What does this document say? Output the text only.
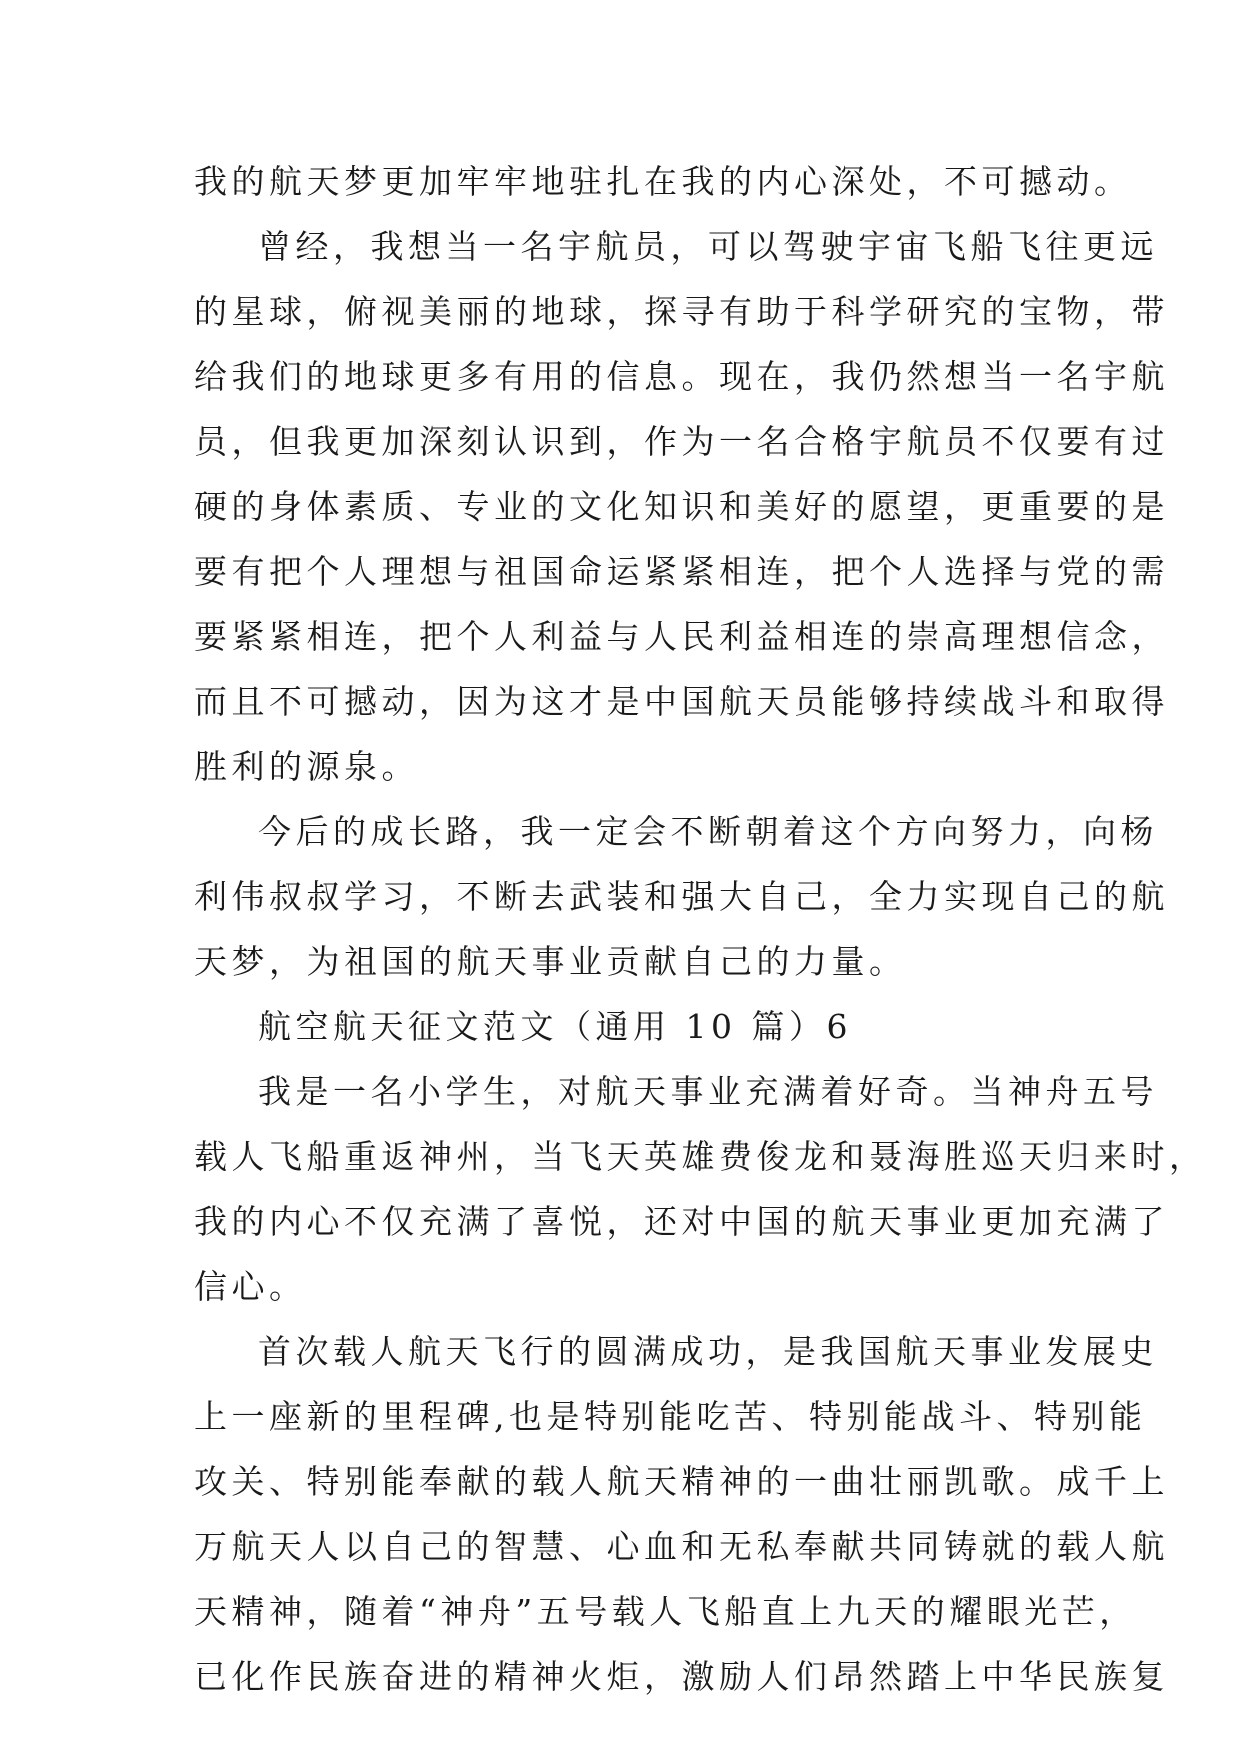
我的航天梦更加牢牢地驻扎在我的内心深处，不可撼动。
曾经，我想当一名宇航员，可以驾驶宇宙飞船飞往更远
的星球，俯视美丽的地球，探寻有助于科学研究的宝物，带
给我们的地球更多有用的信息。现在，我仍然想当一名宇航
员，但我更加深刻认识到，作为一名合格宇航员不仅要有过
硬的身体素质、专业的文化知识和美好的愿望，更重要的是
要有把个人理想与祖国命运紧紧相连，把个人选择与党的需
要紧紧相连，把个人利益与人民利益相连的崇高理想信念，
而且不可撼动，因为这才是中国航天员能够持续战斗和取得
胜利的源泉。
今后的成长路，我一定会不断朝着这个方向努力，向杨
利伟叔叔学习，不断去武装和强大自己，全力实现自己的航
天梦，为祖国的航天事业贡献自己的力量。
航空航天征文范文（通用 10 篇）6
我是一名小学生，对航天事业充满着好奇。当神舟五号
载人飞船重返神州，当飞天英雄费俊龙和聂海胜巡天归来时，
我的内心不仅充满了喜悦，还对中国的航天事业更加充满了
信心。
首次载人航天飞行的圆满成功，是我国航天事业发展史
上一座新的里程碑,也是特别能吃苦、特别能战斗、特别能
攻关、特别能奉献的载人航天精神的一曲壮丽凯歌。成千上
万航天人以自己的智慧、心血和无私奉献共同铸就的载人航
天精神，随着“神舟”五号载人飞船直上九天的耀眼光芒，
已化作民族奋进的精神火炬，激励人们昂然踏上中华民族复
